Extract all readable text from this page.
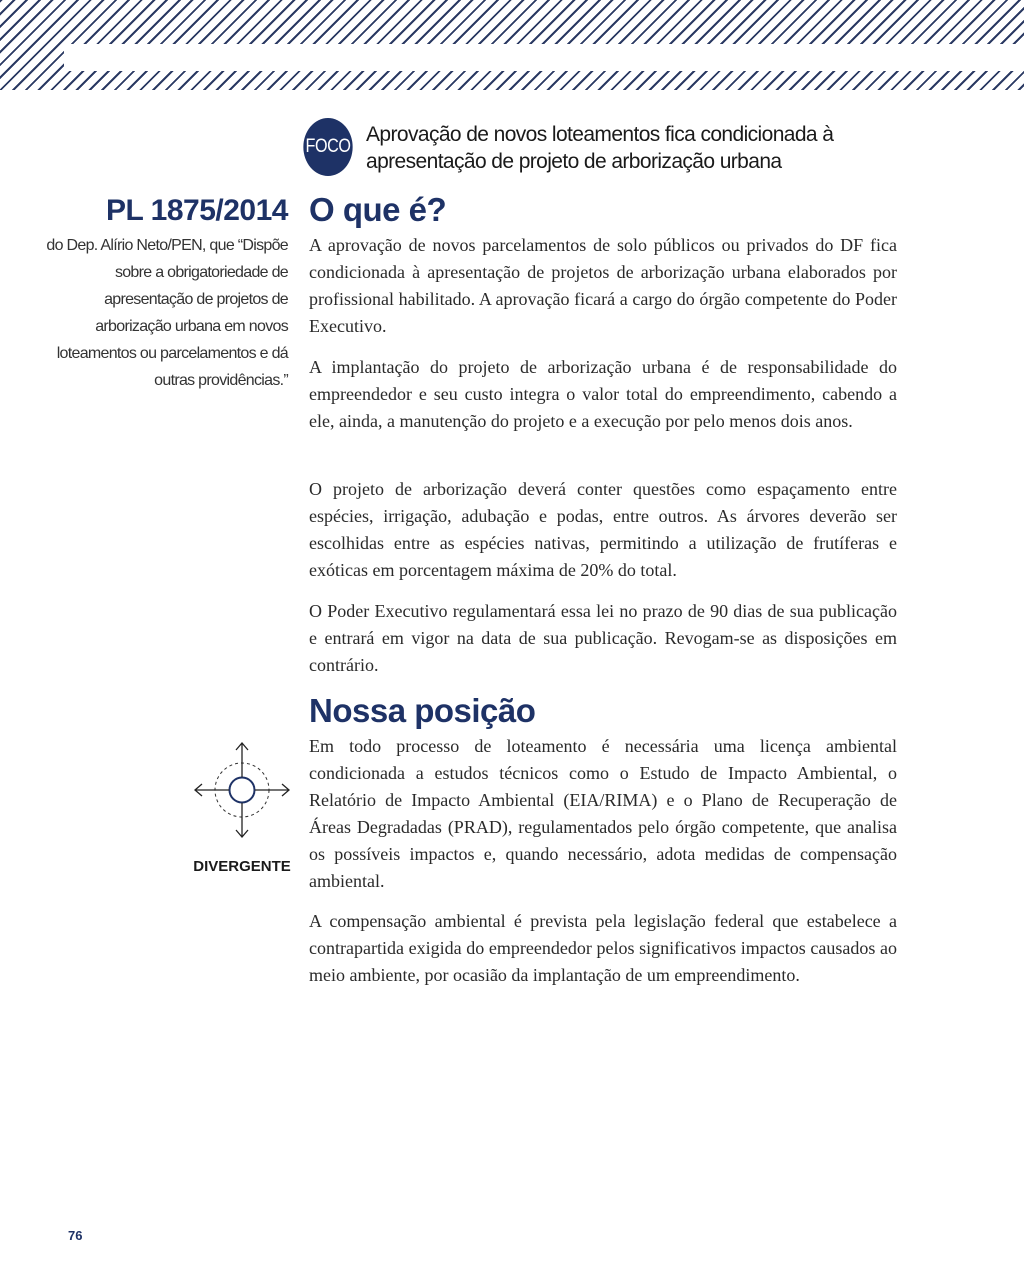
FOCO
Aprovação de novos loteamentos fica condicionada à apresentação de projeto de arborização urbana
PL 1875/2014
do Dep. Alírio Neto/PEN, que “Dispõe sobre a obrigatoriedade de apresentação de projetos de arborização urbana em novos loteamentos ou parcelamentos e dá outras providências.”
O que é?

A aprovação de novos parcelamentos de solo públicos ou privados do DF fica condicionada à apresentação de projetos de arborização urbana elaborados por profissional habilitado. A aprovação ficará a cargo do órgão competente do Poder Executivo.

A implantação do projeto de arborização urbana é de responsabilidade do empreendedor e seu custo integra o valor total do empreendimento, cabendo a ele, ainda, a manutenção do projeto e a execução por pelo menos dois anos.

O projeto de arborização deverá conter questões como espaçamento entre espécies, irrigação, adubação e podas, entre outros. As árvores deverão ser escolhidas entre as espécies nativas, permitindo a utilização de frutíferas e exóticas em porcentagem máxima de 20% do total.

O Poder Executivo regulamentará essa lei no prazo de 90 dias de sua publicação e entrará em vigor na data de sua publicação. Revogam-se as disposições em contrário.

Nossa posição
DIVERGENTE

Em todo processo de loteamento é necessária uma licença ambiental condicionada a estudos técnicos como o Estudo de Impacto Ambiental, o Relatório de Impacto Ambiental (EIA/RIMA) e o Plano de Recuperação de Áreas Degradadas (PRAD), regulamentados pelo órgão competente, que analisa os possíveis impactos e, quando necessário, adota medidas de compensação ambiental.

A compensação ambiental é prevista pela legislação federal que estabelece a contrapartida exigida do empreendedor pelos significativos impactos causados ao meio ambiente, por ocasião da implantação de um empreendimento.

76
